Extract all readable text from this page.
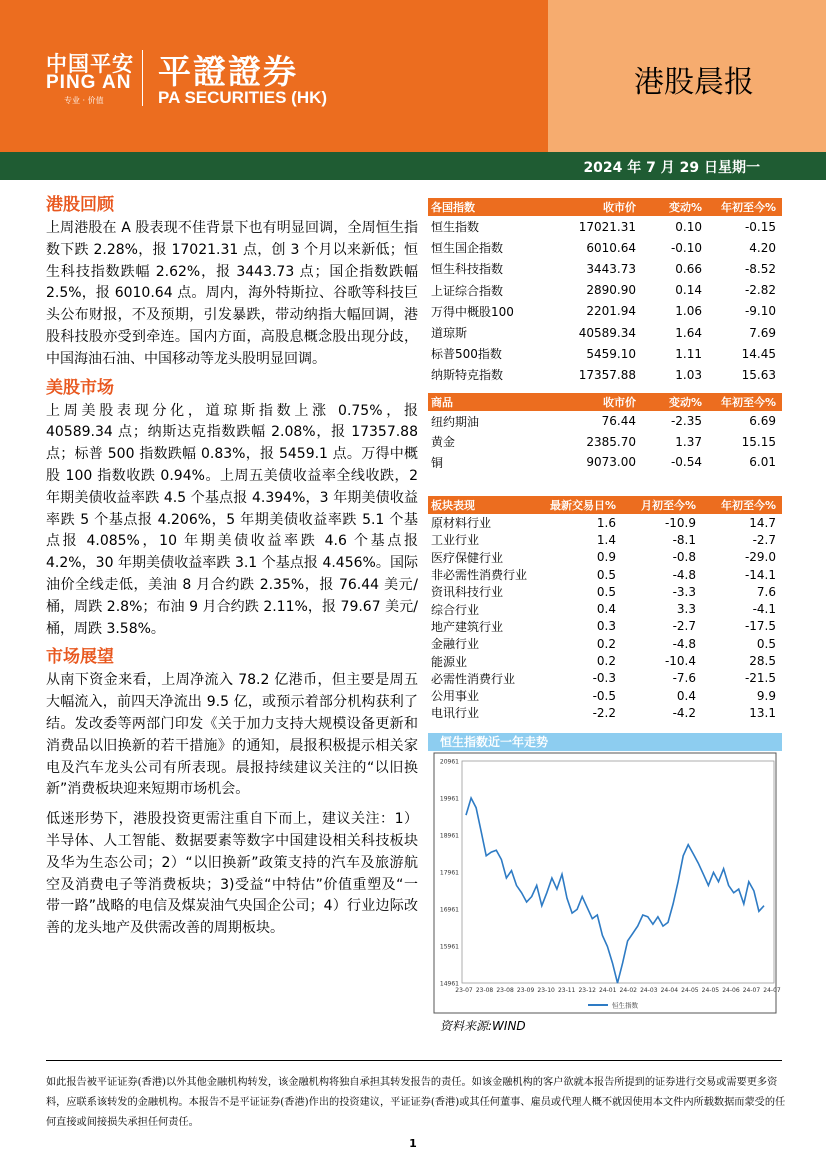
中国平安
PING AN
专业 · 价值
平證證券
PA SECURITIES (HK)	港股晨报
2024 年 7 月 29 日星期一
港股回顾
上周港股在 A 股表现不佳背景下也有明显回调，全周恒生指数下跌 2.28%，报 17021.31 点，创 3 个月以来新低；恒生科技指数跌幅 2.62%，报 3443.73 点；国企指数跌幅 2.5%，报 6010.64 点。周内，海外特斯拉、谷歌等科技巨头公布财报，不及预期，引发暴跌，带动纳指大幅回调，港股科技股亦受到牵连。国内方面，高股息概念股出现分歧，中国海油石油、中国移动等龙头股明显回调。
美股市场
上周美股表现分化，道琼斯指数上涨 0.75%，报 40589.34 点；纳斯达克指数跌幅 2.08%，报 17357.88 点；标普 500 指数跌幅 0.83%，报 5459.1 点。万得中概股 100 指数收跌 0.94%。上周五美债收益率全线收跌，2 年期美债收益率跌 4.5 个基点报 4.394%，3 年期美债收益率跌 5 个基点报 4.206%，5 年期美债收益率跌 5.1 个基点报 4.085%，10 年期美债收益率跌 4.6 个基点报 4.2%，30 年期美债收益率跌 3.1 个基点报 4.456%。国际油价全线走低，美油 8 月合约跌 2.35%，报 76.44 美元/桶，周跌 2.8%；布油 9 月合约跌 2.11%，报 79.67 美元/桶，周跌 3.58%。
市场展望
从南下资金来看，上周净流入 78.2 亿港币，但主要是周五大幅流入，前四天净流出 9.5 亿，或预示着部分机构获利了结。发改委等两部门印发《关于加力支持大规模设备更新和消费品以旧换新的若干措施》的通知，晨报积极提示相关家电及汽车龙头公司有所表现。晨报持续建议关注的“以旧换新”消费板块迎来短期市场机会。
低迷形势下，港股投资更需注重自下而上，建议关注：1）半导体、人工智能、数据要素等数字中国建设相关科技板块及华为生态公司；2）“以旧换新”政策支持的汽车及旅游航空及消费电子等消费板块；3)受益“中特估”价值重塑及“一带一路”战略的电信及煤炭油气央国企公司；4）行业边际改善的龙头地产及供需改善的周期板块。
各国指数	收市价	变动%	年初至今%
恒生指数	17021.31	0.10	-0.15
恒生国企指数	6010.64	-0.10	4.20
恒生科技指数	3443.73	0.66	-8.52
上证综合指数	2890.90	0.14	-2.82
万得中概股100	2201.94	1.06	-9.10
道琼斯	40589.34	1.64	7.69
标普500指数	5459.10	1.11	14.45
纳斯特克指数	17357.88	1.03	15.63
商品	收市价	变动%	年初至今%
纽约期油	76.44	-2.35	6.69
黄金	2385.70	1.37	15.15
铜	9073.00	-0.54	6.01
板块表现	最新交易日%	月初至今%	年初至今%
原材料行业	1.6	-10.9	14.7
工业行业	1.4	-8.1	-2.7
医疗保健行业	0.9	-0.8	-29.0
非必需性消费行业	0.5	-4.8	-14.1
资讯科技行业	0.5	-3.3	7.6
综合行业	0.4	3.3	-4.1
地产建筑行业	0.3	-2.7	-17.5
金融行业	0.2	-4.8	0.5
能源业	0.2	-10.4	28.5
必需性消费行业	-0.3	-7.6	-21.5
公用事业	-0.5	0.4	9.9
电讯行业	-2.2	-4.2	13.1
恒生指数近一年走势
14961
15961
16961
17961
18961
19961
20961
23-07 23-08 23-08 23-09 23-10 23-11 23-12 24-01 24-02 24-03 24-04 24-05 24-05 24-06 24-07 24-07
恒生指数
资料来源:WIND
如此报告被平证证券(香港)以外其他金融机构转发，该金融机构将独自承担其转发报告的责任。如该金融机构的客户欲就本报告所提到的证券进行交易或需要更多资料，应联系该转发的金融机构。本报告不是平证证券(香港)作出的投资建议，平证证券(香港)或其任何董事、雇员或代理人概不就因使用本文件内所载数据而蒙受的任何直接或间接损失承担任何责任。
1
